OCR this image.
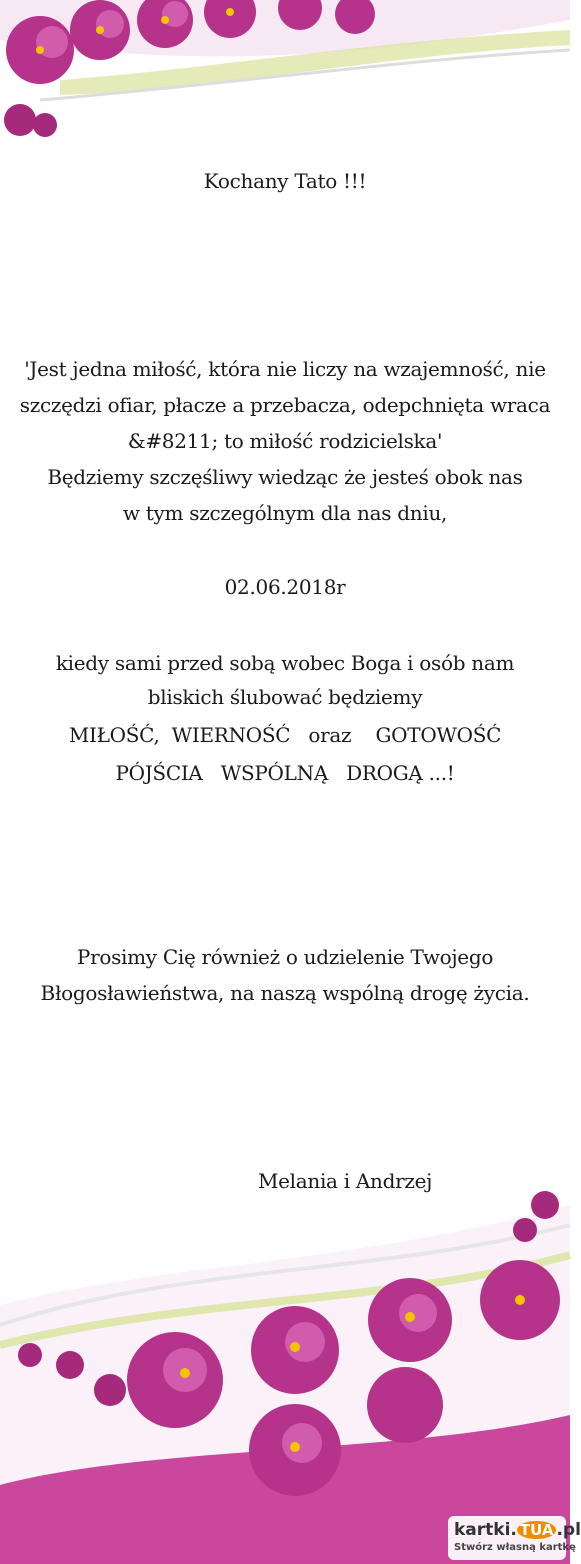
Kochany Tato !!!
'Jest jedna miłość, która nie liczy na wzajemność, nie
szczędzi ofiar, płacze a przebacza, odepchnięta wraca
&#8211; to miłość rodzicielska'
Będziemy szczęśliwy wiedząc że jesteś obok nas
w tym szczególnym dla nas dniu,
02.06.2018r
kiedy sami przed sobą wobec Boga i osób nam
bliskich ślubować będziemy
MIŁOŚĆ,  WIERNOŚĆ   oraz    GOTOWOŚĆ
PÓJŚCIA   WSPÓLNĄ   DROGĄ ...!
Prosimy Cię również o udzielenie Twojego
Błogosławieństwa, na naszą wspólną drogę życia.
Melania i Andrzej
kartki. TUA .pl
Stwórz własną kartkę
